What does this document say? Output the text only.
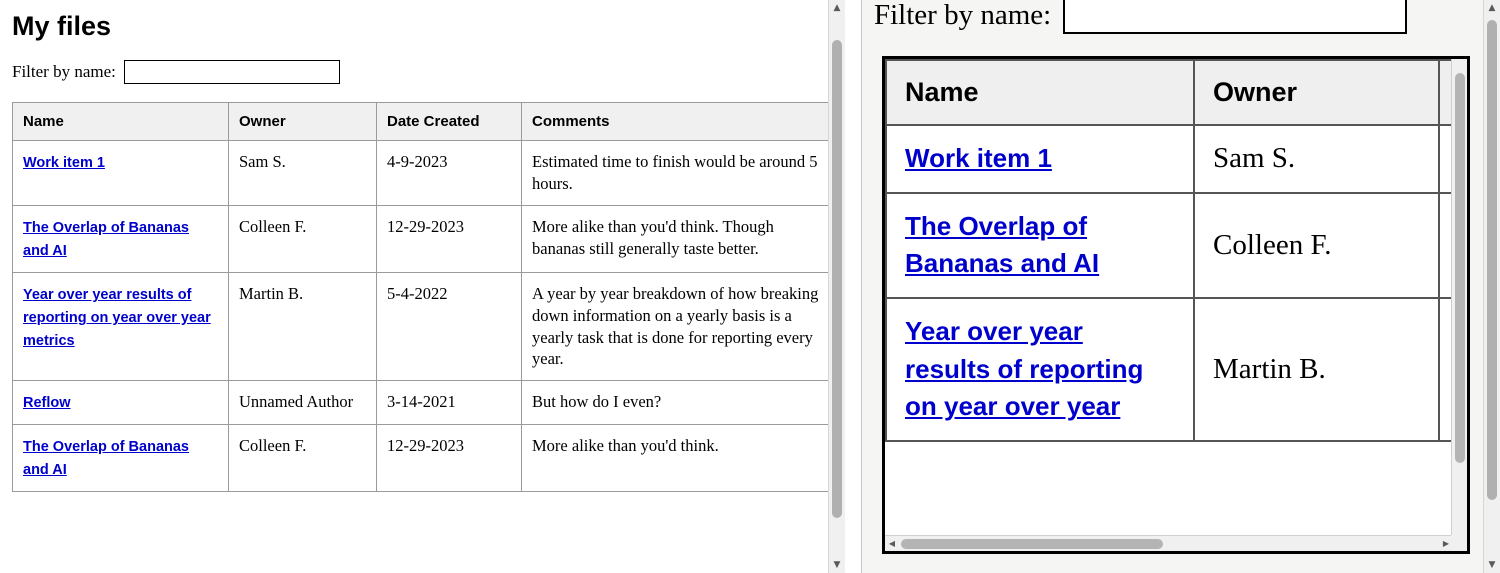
My files
Filter by name:
Name	Owner	Date Created	Comments
Work item 1	Sam S.	4-9-2023	Estimated time to finish would be around 5 hours.
The Overlap of Bananas and AI	Colleen F.	12-29-2023	More alike than you'd think. Though bananas still generally taste better.
Year over year results of reporting on year over year metrics	Martin B.	5-4-2022	A year by year breakdown of how breaking down information on a yearly basis is a yearly task that is done for reporting every year.
Reflow	Unnamed Author	3-14-2021	But how do I even?
The Overlap of Bananas and AI	Colleen F.	12-29-2023	More alike than you'd think.
▲
▼
Filter by name:
Name	Owner	
Work item 1	Sam S.	
The Overlap of Bananas and AI	Colleen F.	
Year over year results of reporting on year over year	Martin B.	
◀	▶
▲
▼
